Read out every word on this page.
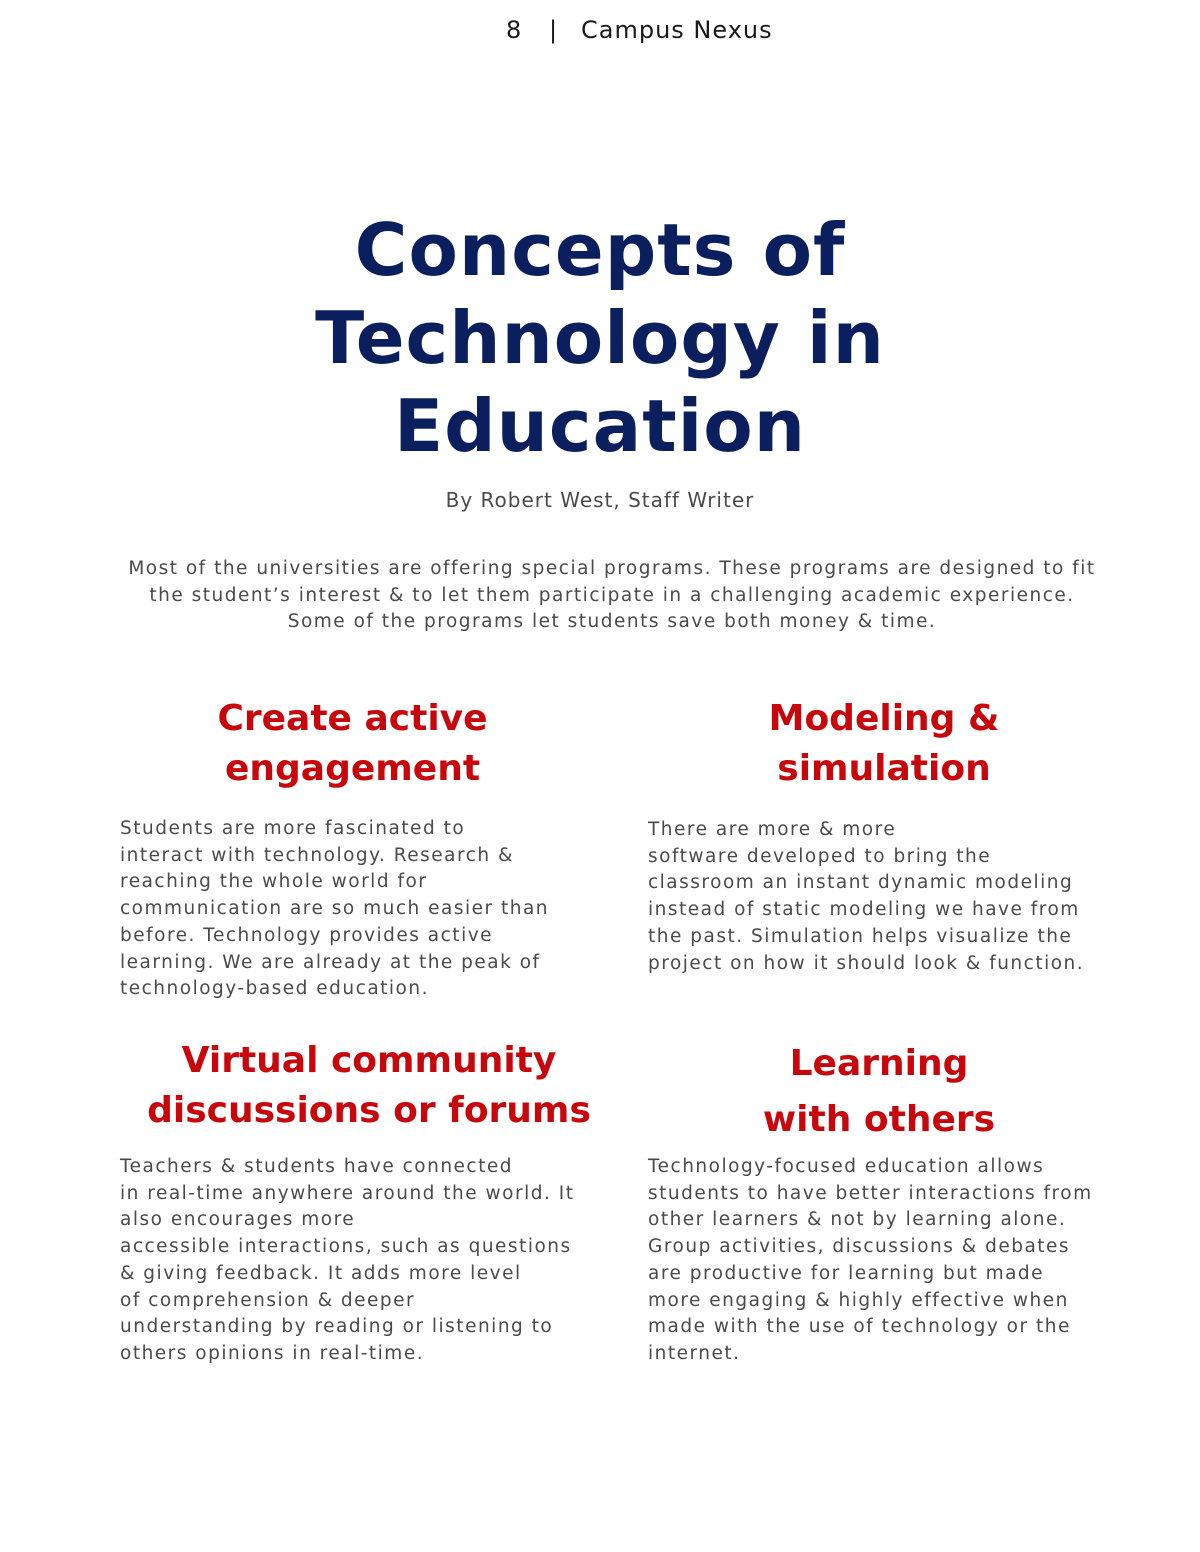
8 | Campus Nexus
Concepts of
Technology in
Education

By Robert West, Staff Writer

Most of the universities are offering special programs. These programs are designed to fit
the student’s interest & to let them participate in a challenging academic experience.
Some of the programs let students save both money & time.

Create active
engagement

Students are more fascinated to
interact with technology. Research &
reaching the whole world for
communication are so much easier than
before. Technology provides active
learning. We are already at the peak of
technology-based education.

Modeling &
simulation

There are more & more
software developed to bring the
classroom an instant dynamic modeling
instead of static modeling we have from
the past. Simulation helps visualize the
project on how it should look & function.

Virtual community
discussions or forums

Teachers & students have connected
in real-time anywhere around the world. It
also encourages more
accessible interactions, such as questions
& giving feedback. It adds more level
of comprehension & deeper
understanding by reading or listening to
others opinions in real-time.

Learning
with others

Technology-focused education allows
students to have better interactions from
other learners & not by learning alone.
Group activities, discussions & debates
are productive for learning but made
more engaging & highly effective when
made with the use of technology or the
internet.
